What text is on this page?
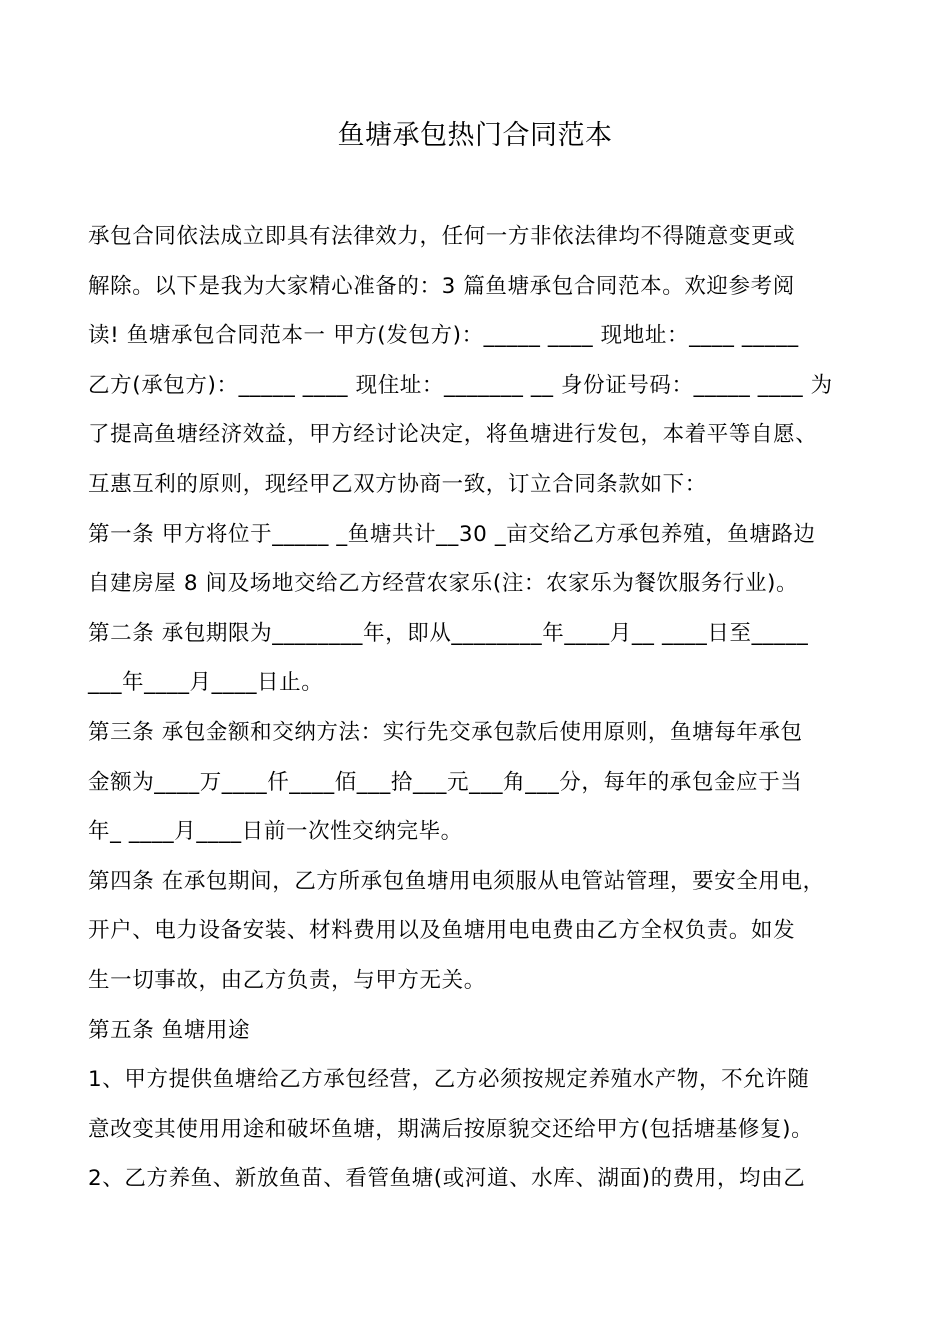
鱼塘承包热门合同范本
承包合同依法成立即具有法律效力，任何一方非依法律均不得随意变更或
解除。以下是我为大家精心准备的：3 篇鱼塘承包合同范本。欢迎参考阅
读! 鱼塘承包合同范本一 甲方(发包方)：_____ ____ 现地址：____ _____
乙方(承包方)：_____ ____ 现住址：_______ __ 身份证号码：_____ ____ 为
了提高鱼塘经济效益，甲方经讨论决定，将鱼塘进行发包，本着平等自愿、
互惠互利的原则，现经甲乙双方协商一致，订立合同条款如下：
第一条 甲方将位于_____ _鱼塘共计__30 _亩交给乙方承包养殖，鱼塘路边
自建房屋 8 间及场地交给乙方经营农家乐(注：农家乐为餐饮服务行业)。
第二条 承包期限为________年，即从________年____月__ ____日至_____
___年____月____日止。
第三条 承包金额和交纳方法：实行先交承包款后使用原则，鱼塘每年承包
金额为____万____仟____佰___拾___元___角___分，每年的承包金应于当
年_ ____月____日前一次性交纳完毕。
第四条 在承包期间，乙方所承包鱼塘用电须服从电管站管理，要安全用电，
开户、电力设备安装、材料费用以及鱼塘用电电费由乙方全权负责。如发
生一切事故，由乙方负责，与甲方无关。
第五条 鱼塘用途
1、甲方提供鱼塘给乙方承包经营，乙方必须按规定养殖水产物，不允许随
意改变其使用用途和破坏鱼塘，期满后按原貌交还给甲方(包括塘基修复)。
2、乙方养鱼、新放鱼苗、看管鱼塘(或河道、水库、湖面)的费用，均由乙
